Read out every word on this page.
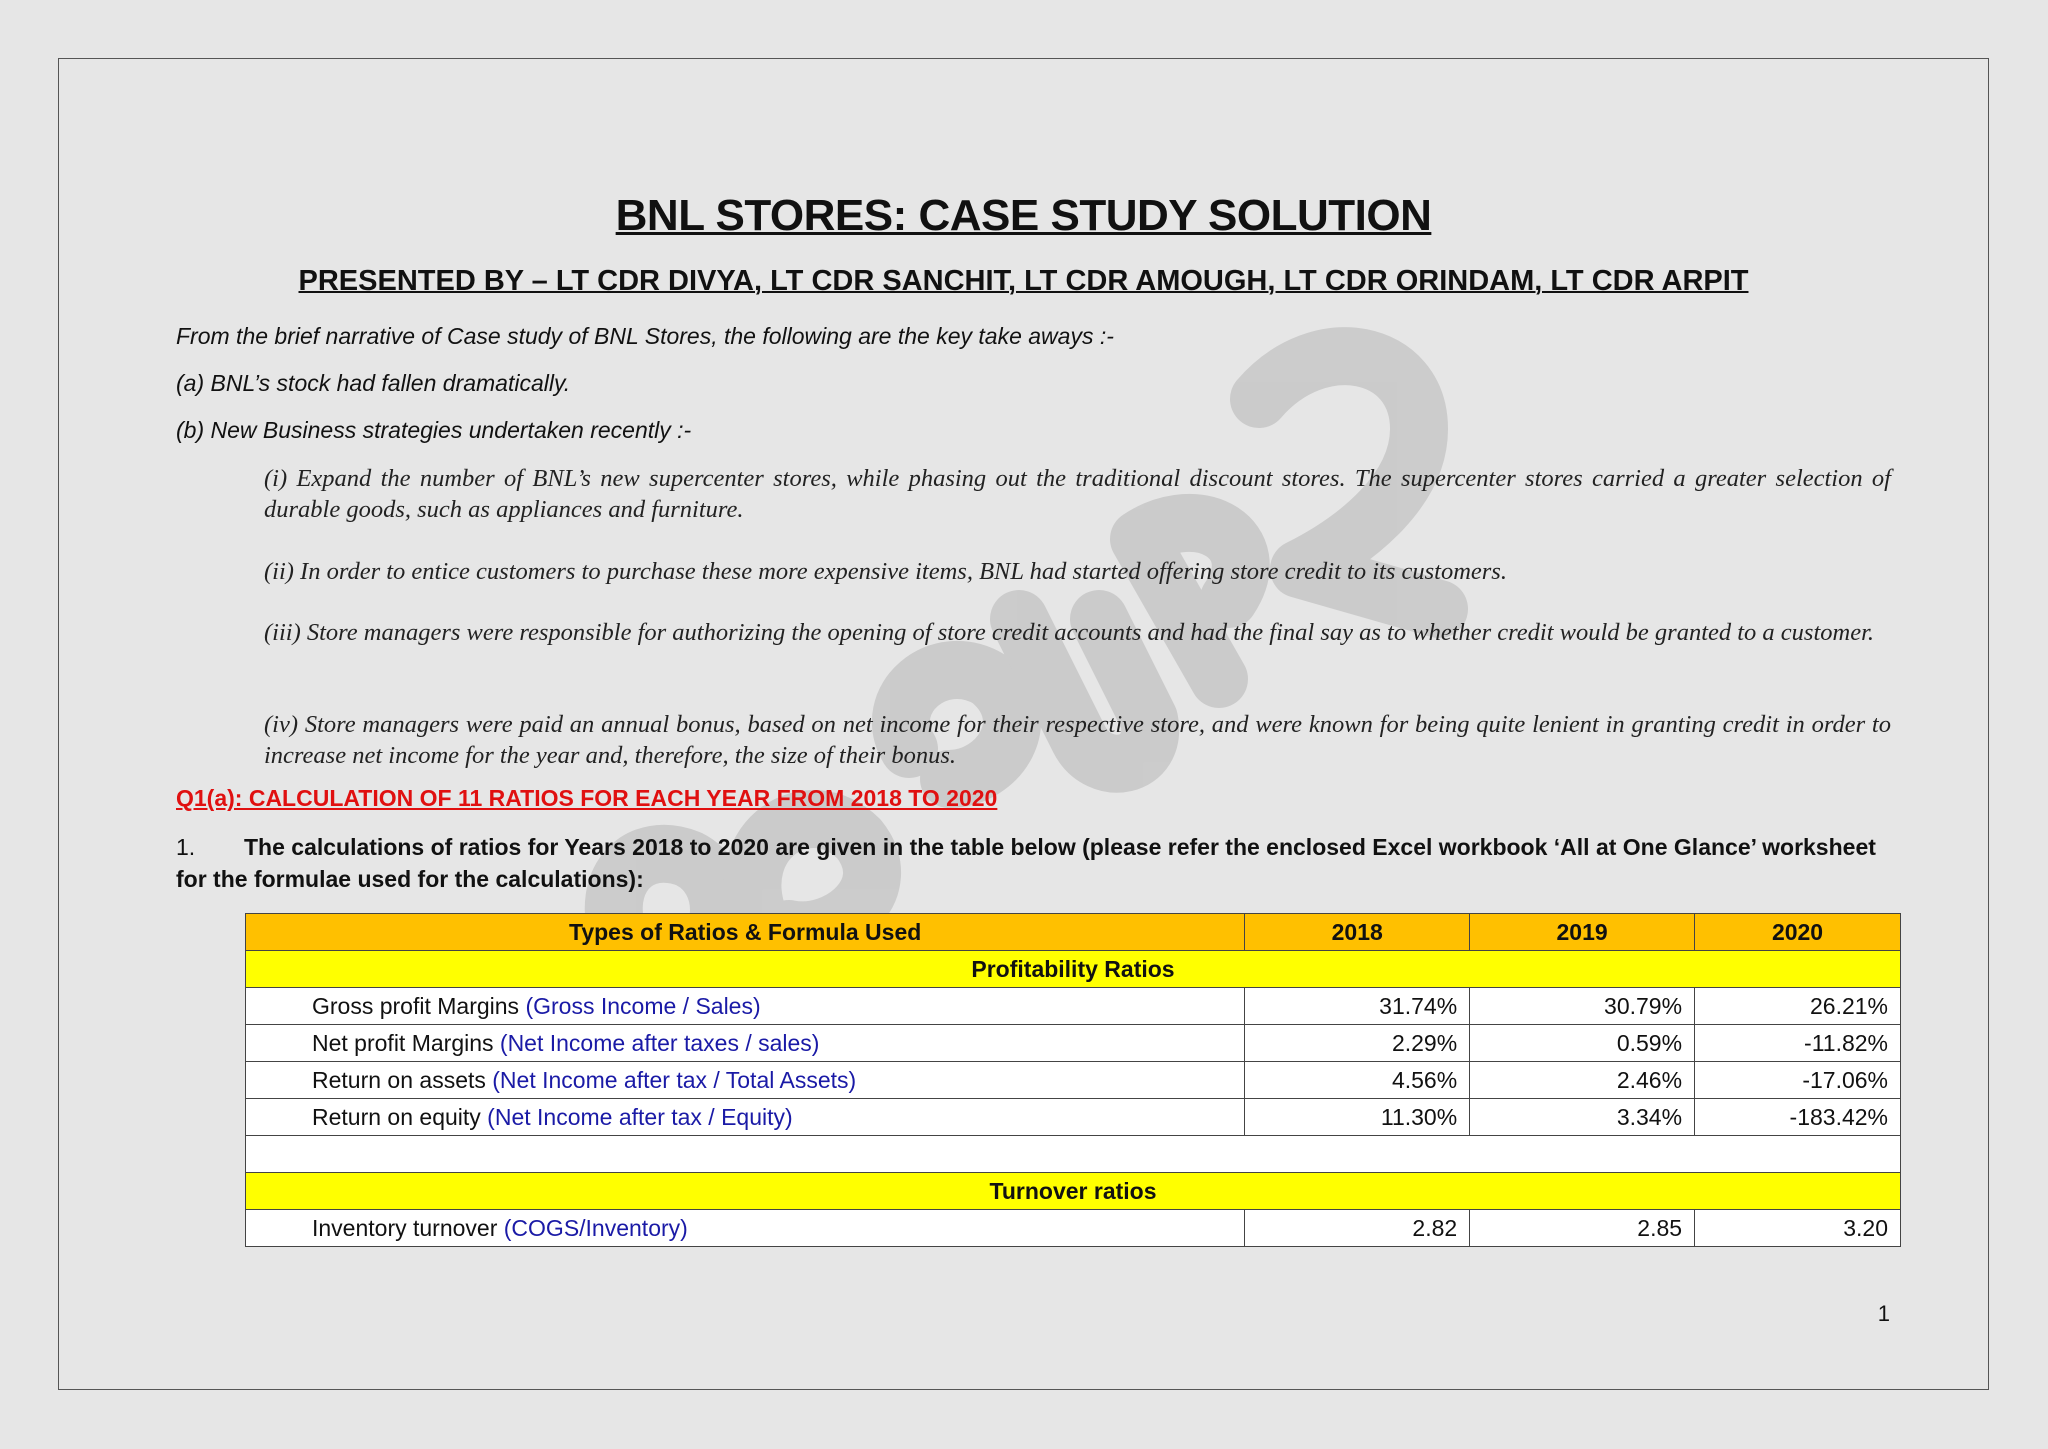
BNL STORES: CASE STUDY SOLUTION
PRESENTED BY – LT CDR DIVYA, LT CDR SANCHIT, LT CDR AMOUGH, LT CDR ORINDAM, LT CDR ARPIT
From the brief narrative of Case study of BNL Stores, the following are the key take aways :-
(a) BNL’s stock had fallen dramatically.
(b) New Business strategies undertaken recently :-
(i) Expand the number of BNL’s new supercenter stores, while phasing out the traditional discount stores. The supercenter stores carried a greater selection of durable goods, such as appliances and furniture.
(ii) In order to entice customers to purchase these more expensive items, BNL had started offering store credit to its customers.
(iii) Store managers were responsible for authorizing the opening of store credit accounts and had the final say as to whether credit would be granted to a customer.
(iv) Store managers were paid an annual bonus, based on net income for their respective store, and were known for being quite lenient in granting credit in order to increase net income for the year and, therefore, the size of their bonus.
Q1(a): CALCULATION OF 11 RATIOS FOR EACH YEAR FROM 2018 TO 2020
1. The calculations of ratios for Years 2018 to 2020 are given in the table below (please refer the enclosed Excel workbook ‘All at One Glance’ worksheet for the formulae used for the calculations):
Types of Ratios & Formula Used	2018	2019	2020
Profitability Ratios			
Gross profit Margins (Gross Income / Sales)	31.74%	30.79%	26.21%
Net profit Margins (Net Income after taxes / sales)	2.29%	0.59%	-11.82%
Return on assets (Net Income after tax / Total Assets)	4.56%	2.46%	-17.06%
Return on equity (Net Income after tax / Equity)	11.30%	3.34%	-183.42%

Turnover ratios			
Inventory turnover (COGS/Inventory)	2.82	2.85	3.20
1
